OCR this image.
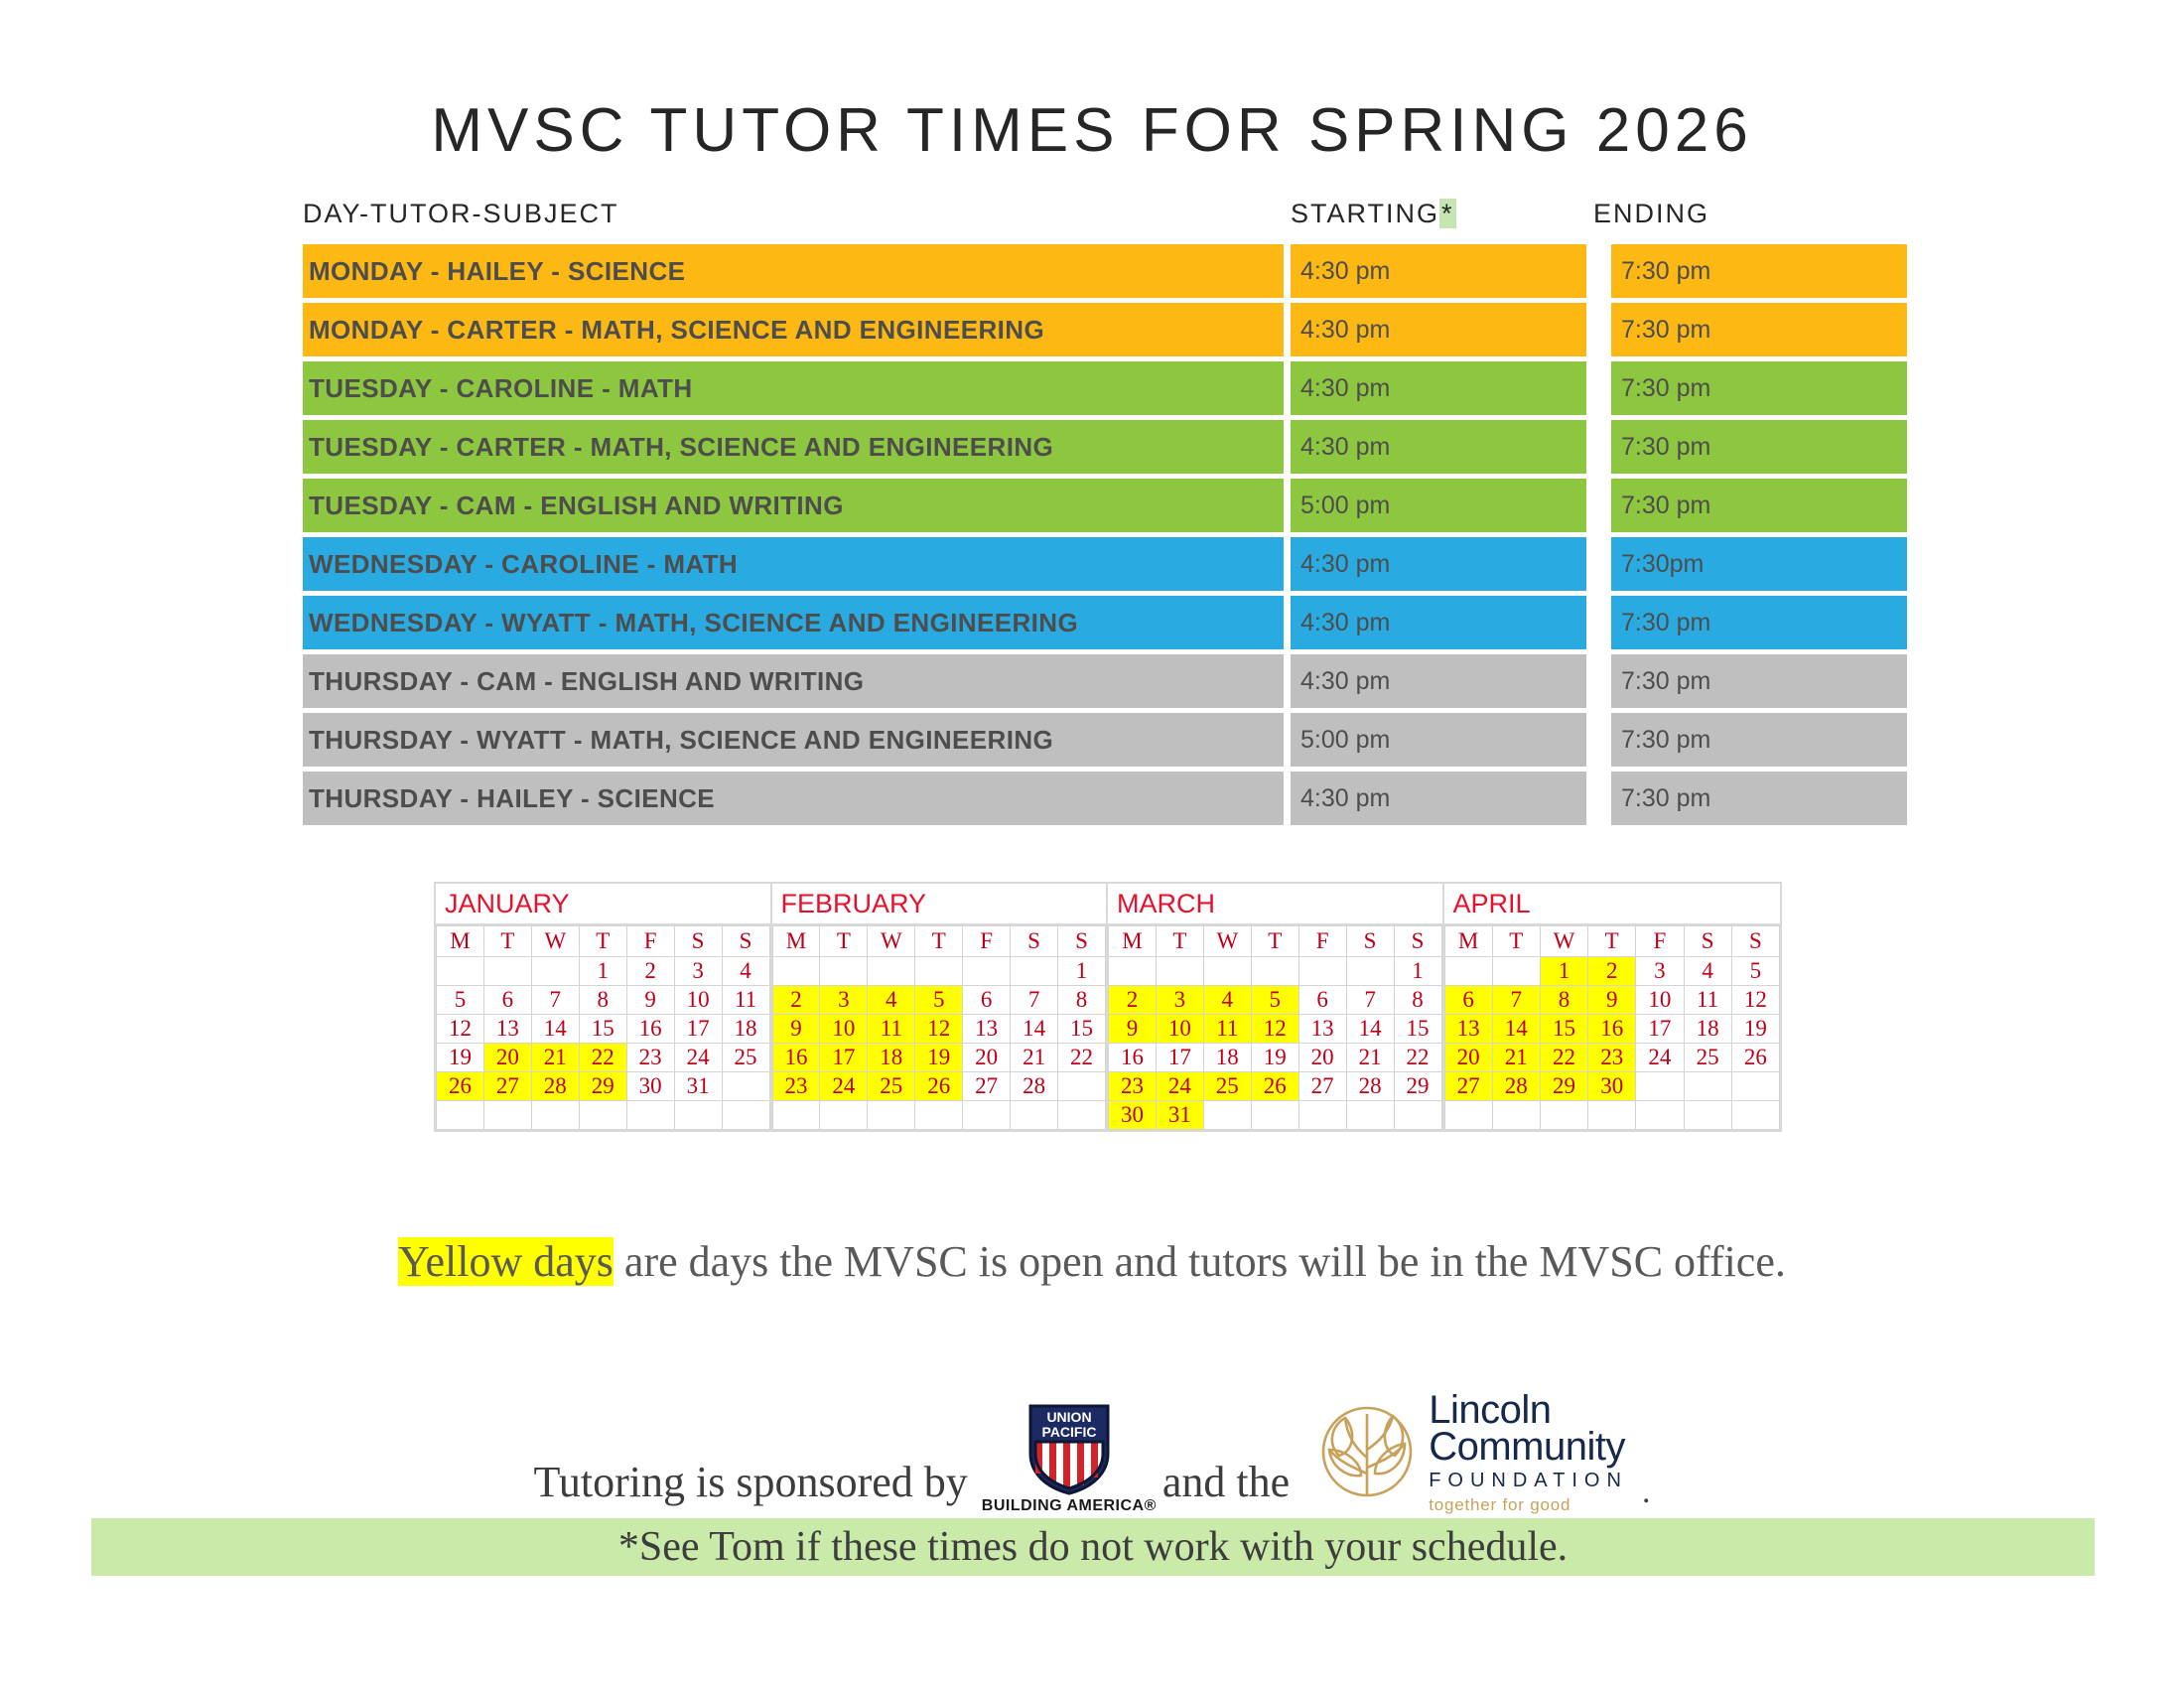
MVSC TUTOR TIMES FOR SPRING 2026
DAY-TUTOR-SUBJECT	STARTING*	ENDING
MONDAY - HAILEY - SCIENCE	4:30 pm	7:30 pm
MONDAY - CARTER - MATH, SCIENCE AND ENGINEERING	4:30 pm	7:30 pm
TUESDAY - CAROLINE - MATH	4:30 pm	7:30 pm
TUESDAY - CARTER - MATH, SCIENCE AND ENGINEERING	4:30 pm	7:30 pm
TUESDAY - CAM - ENGLISH AND WRITING	5:00 pm	7:30 pm
WEDNESDAY - CAROLINE - MATH	4:30 pm	7:30pm
WEDNESDAY - WYATT - MATH, SCIENCE AND ENGINEERING	4:30 pm	7:30 pm
THURSDAY - CAM - ENGLISH AND WRITING	4:30 pm	7:30 pm
THURSDAY - WYATT - MATH, SCIENCE AND ENGINEERING	5:00 pm	7:30 pm
THURSDAY - HAILEY - SCIENCE	4:30 pm	7:30 pm
JANUARY
M	T	W	T	F	S	S
			1	2	3	4
5	6	7	8	9	10	11
12	13	14	15	16	17	18
19	20	21	22	23	24	25
26	27	28	29	30	31	

FEBRUARY
M	T	W	T	F	S	S
						1
2	3	4	5	6	7	8
9	10	11	12	13	14	15
16	17	18	19	20	21	22
23	24	25	26	27	28	

MARCH
M	T	W	T	F	S	S
						1
2	3	4	5	6	7	8
9	10	11	12	13	14	15
16	17	18	19	20	21	22
23	24	25	26	27	28	29
30	31					
APRIL
M	T	W	T	F	S	S
		1	2	3	4	5
6	7	8	9	10	11	12
13	14	15	16	17	18	19
20	21	22	23	24	25	26
27	28	29	30			

Yellow days are days the MVSC is open and tutors will be in the MVSC office.
Tutoring is sponsored by
UNION
PACIFIC
BUILDING AMERICA® and the
Lincoln
Community
FOUNDATION
together for good	.
*See Tom if these times do not work with your schedule.
